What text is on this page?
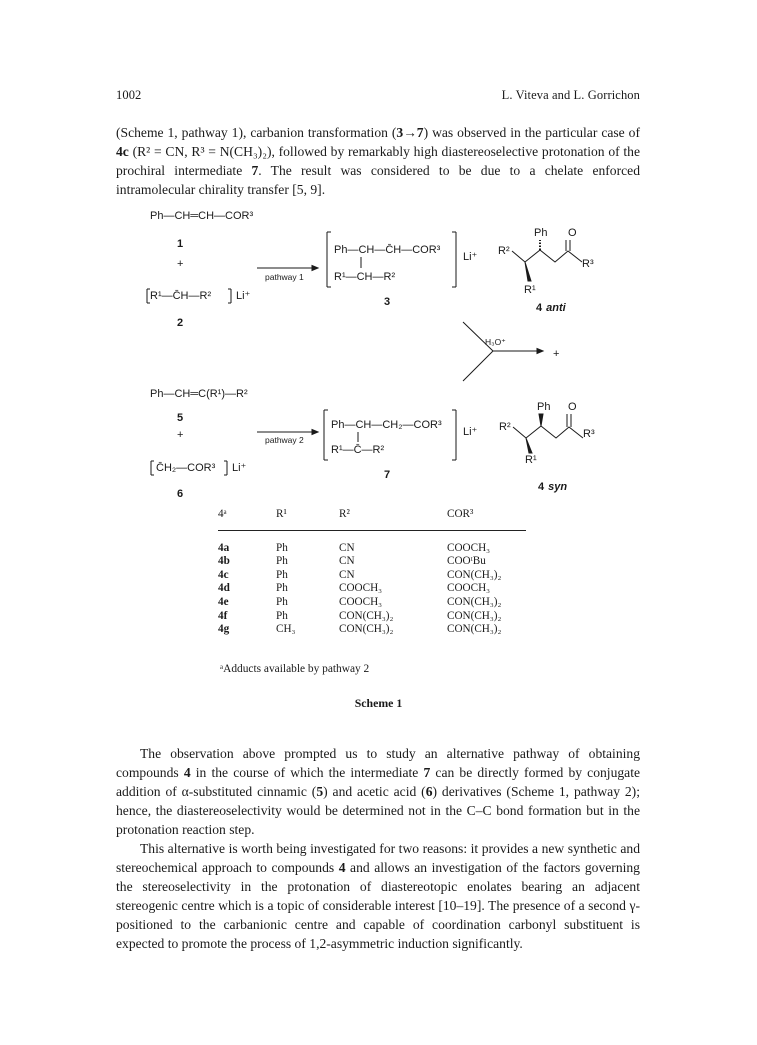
1002	L. Viteva and L. Gorrichon

(Scheme 1, pathway 1), carbanion transformation (3→7) was observed in the particular case of 4c (R² = CN, R³ = N(CH₃)₂), followed by remarkably high diastereoselective protonation of the prochiral intermediate 7. The result was considered to be due to a chelate enforced intramolecular chirality transfer [5, 9].

Ph—CH═CH—COR³
1
+
R¹—C̄H—R² Li⁺
2
pathway 1
Ph—CH—C̄H—COR³
R¹—CH—R²
Li⁺
3
Ph O
R²
R³
R¹
4 anti
H₃O⁺
+
Ph—CH═C(R¹)—R²
5
+
C̄H₂—COR³ Li⁺
6
pathway 2
Ph—CH—CH₂—COR³
R¹—C̄—R²
Li⁺
7
Ph O
R²
R³
R¹
4 syn
4ᵃ	R¹	R²	COR³
4a	Ph	CN	COOCH₃
4b	Ph	CN	COOᵗBu
4c	Ph	CN	CON(CH₃)₂
4d	Ph	COOCH₃	COOCH₃
4e	Ph	COOCH₃	CON(CH₃)₂
4f	Ph	CON(CH₃)₂	CON(CH₃)₂
4g	CH₃	CON(CH₃)₂	CON(CH₃)₂
ᵃAdducts available by pathway 2
Scheme 1

The observation above prompted us to study an alternative pathway of obtaining compounds 4 in the course of which the intermediate 7 can be directly formed by conjugate addition of α-substituted cinnamic (5) and acetic acid (6) derivatives (Scheme 1, pathway 2); hence, the diastereoselectivity would be determined not in the C–C bond formation but in the protonation reaction step.

This alternative is worth being investigated for two reasons: it provides a new synthetic and stereochemical approach to compounds 4 and allows an investigation of the factors governing the stereoselectivity in the protonation of diastereotopic enolates bearing an adjacent stereogenic centre which is a topic of considerable interest [10–19]. The presence of a second γ-positioned to the carbanionic centre and capable of coordination carbonyl substituent is expected to promote the process of 1,2-asymmetric induction significantly.
